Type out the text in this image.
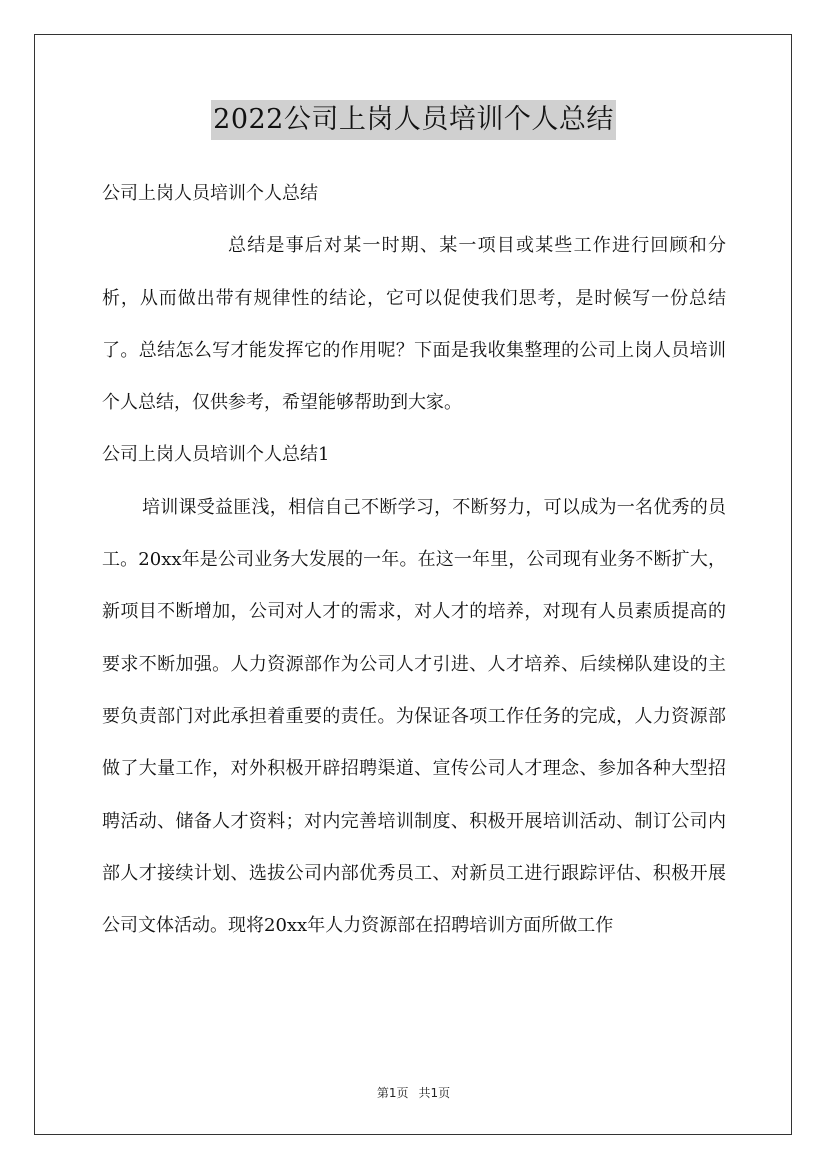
2022公司上岗人员培训个人总结

公司上岗人员培训个人总结

总结是事后对某一时期、某一项目或某些工作进行回顾和分析，从而做出带有规律性的结论，它可以促使我们思考，是时候写一份总结了。总结怎么写才能发挥它的作用呢？下面是我收集整理的公司上岗人员培训个人总结，仅供参考，希望能够帮助到大家。

公司上岗人员培训个人总结1

培训课受益匪浅，相信自己不断学习，不断努力，可以成为一名优秀的员工。20xx年是公司业务大发展的一年。在这一年里，公司现有业务不断扩大，新项目不断增加，公司对人才的需求，对人才的培养，对现有人员素质提高的要求不断加强。人力资源部作为公司人才引进、人才培养、后续梯队建设的主要负责部门对此承担着重要的责任。为保证各项工作任务的完成，人力资源部做了大量工作，对外积极开辟招聘渠道、宣传公司人才理念、参加各种大型招聘活动、储备人才资料；对内完善培训制度、积极开展培训活动、制订公司内部人才接续计划、选拔公司内部优秀员工、对新员工进行跟踪评估、积极开展公司文体活动。现将20xx年人力资源部在招聘培训方面所做工作

第1页 共1页
